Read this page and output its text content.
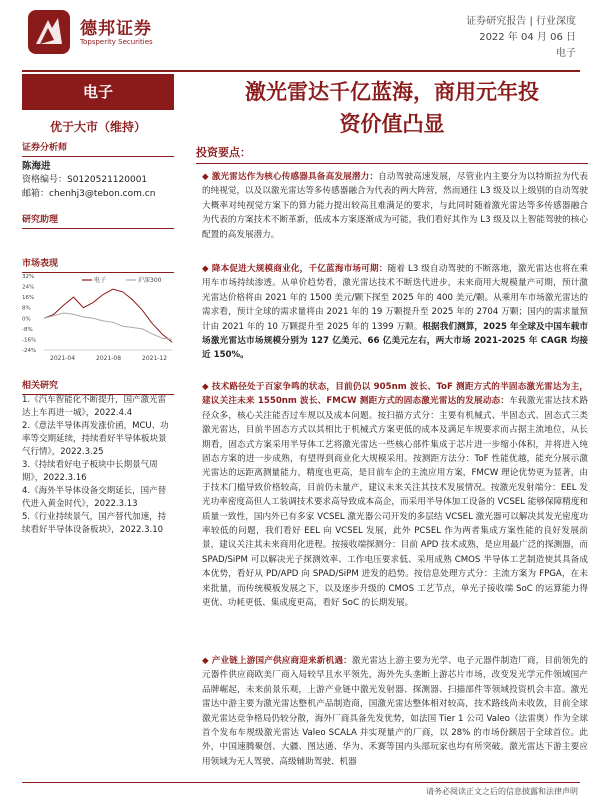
德邦证券
Topsperity Securities
证券研究报告 | 行业深度
2022 年 04 月 06 日
电子
电子
优于大市（维持）
证券分析师
陈海进
资格编号：S0120521120001
邮箱：chenhj3@tebon.com.cn
研究助理
市场表现
-24%
-16%
-8%
0%
8%
16%
24%
32%
2021-04	2021-08	2021-12
电子	沪深300
相关研究
1.《汽车智能化不断提升，国产激光雷达上车再进一城》，2022.4.4
2.《意法半导体再发涨价函，MCU、功率等交期延续，持续看好半导体板块景气行情》，2022.3.25
3.《持续看好电子板块中长期景气周期》，2022.3.16
4.《海外半导体设备交期延长，国产替代进入黄金时代》，2022.3.13
5.《行业持续景气，国产替代加速，持续看好半导体设备板块》，2022.3.10
激光雷达千亿蓝海，商用元年投
资价值凸显
投资要点：
◆ 激光雷达作为核心传感器具备高发展潜力：自动驾驶高速发展，尽管业内主要分为以特斯拉为代表的纯视觉，以及以激光雷达等多传感器融合为代表的两大阵营，然而通往 L3 级及以上级别的自动驾驶大概率对纯视觉方案下的算力能力提出较高且难满足的要求，与此同时随着激光雷达等多传感器融合为代表的方案技术不断革新，低成本方案逐渐成为可能，我们看好其作为 L3 级及以上智能驾驶的核心配置的高发展潜力。
◆ 降本促进大规模商业化，千亿蓝海市场可期：随着 L3 级自动驾驶的不断落地，激光雷达也将在乘用车市场持续渗透。从单价趋势看，激光雷达技术不断迭代进步，未来商用大规模量产可期，预计激光雷达价格将由 2021 年的 1500 美元/颗下探至 2025 年的 400 美元/颗。从乘用车市场激光雷达的需求看，预计全球的需求量将由 2021 年的 19 万颗提升至 2025 年的 2704 万颗；国内的需求量预计由 2021 年的 10 万颗提升至 2025 年的 1399 万颗。根据我们测算，2025 年全球及中国车载市场激光雷达市场规模分别为 127 亿美元、66 亿美元左右，两大市场 2021-2025 年 CAGR 均接近 150%。
◆ 技术路径处于百家争鸣的状态，目前仍以 905nm 波长、ToF 测距方式的半固态激光雷达为主，建议关注未来 1550nm 波长、FMCW 测距方式的固态激光雷达的发展动态：车载激光雷达技术路径众多，核心关注能否过车规以及成本问题。按扫描方式分：主要有机械式、半固态式、固态式三类激光雷达，目前半固态方式以其相比于机械式方案更低的成本及满足车规要求而占据主流地位，从长期看，固态式方案采用半导体工艺将激光雷达一些核心部件集成于芯片进一步缩小体积，并将进入纯固态方案的进一步成熟，有望得到商业化大规模采用。按测距方法分：ToF 性能优越，能充分展示激光雷达的远距离测量能力，精度也更高，是目前车企的主流应用方案，FMCW 理论优势更为显著，由于技术门槛导致价格较高，目前仍未量产，建议未来关注其技术发展情况。按激光发射端分：EEL 发光功率密度高但人工装调技术要求高导致成本高企，而采用半导体加工设备的 VCSEL 能够保障精度和质量一致性，国内外已有多家 VCSEL 激光器公司开发的多层结 VCSEL 激光器可以解决其发光密度功率较低的问题，我们看好 EEL 向 VCSEL 发展，此外 PCSEL 作为两者集成方案性能的良好发展前景，建议关注其未来商用化进程。按接收端探测分：目前 APD 技术成熟，是应用最广泛的探测器，而 SPAD/SiPM 可以解决光子探测效率、工作电压要求低、采用成熟 CMOS 半导体工艺制造使其具备成本优势，看好从 PD/APD 向 SPAD/SiPM 进发的趋势。按信息处理方式分：主流方案为 FPGA，在未来批量，而传统模板发展之下，以及逐步升级的 CMOS 工艺节点，单光子接收端 SoC 的运算能力得更优、功耗更低、集成度更高，看好 SoC 的长期发展。
◆ 产业链上游国产供应商迎来新机遇：激光雷达上游主要为光学、电子元器件制造厂商，目前领先的元器件供应商欧美厂商入局较早且水平领先，海外先头垄断上游芯片市场，改变发光学元件领域国产品牌崛起，未来前景乐观，上游产业链中激光发射器、探测器、扫描部件等领域投资机会丰富。激光雷达中游主要为激光雷达整机产品制造商，国激光雷达整体相对较高，技术路线尚未收敛，目前全球激光雷达竞争格局仍较分散，海外厂商具备先发优势，如法国 Tier 1 公司 Valeo（法雷奥）作为全球首个发布车规级激光雷达 Valeo SCALA 并实现量产的厂商，以 28% 的市场份额居于全球首位。此外，中国速腾聚创、大疆、图达通、华为、禾赛等国内头部玩家也均有所突破。激光雷达下游主要应用领域为无人驾驶、高级辅助驾驶、机器
请务必阅读正文之后的信息披露和法律声明
